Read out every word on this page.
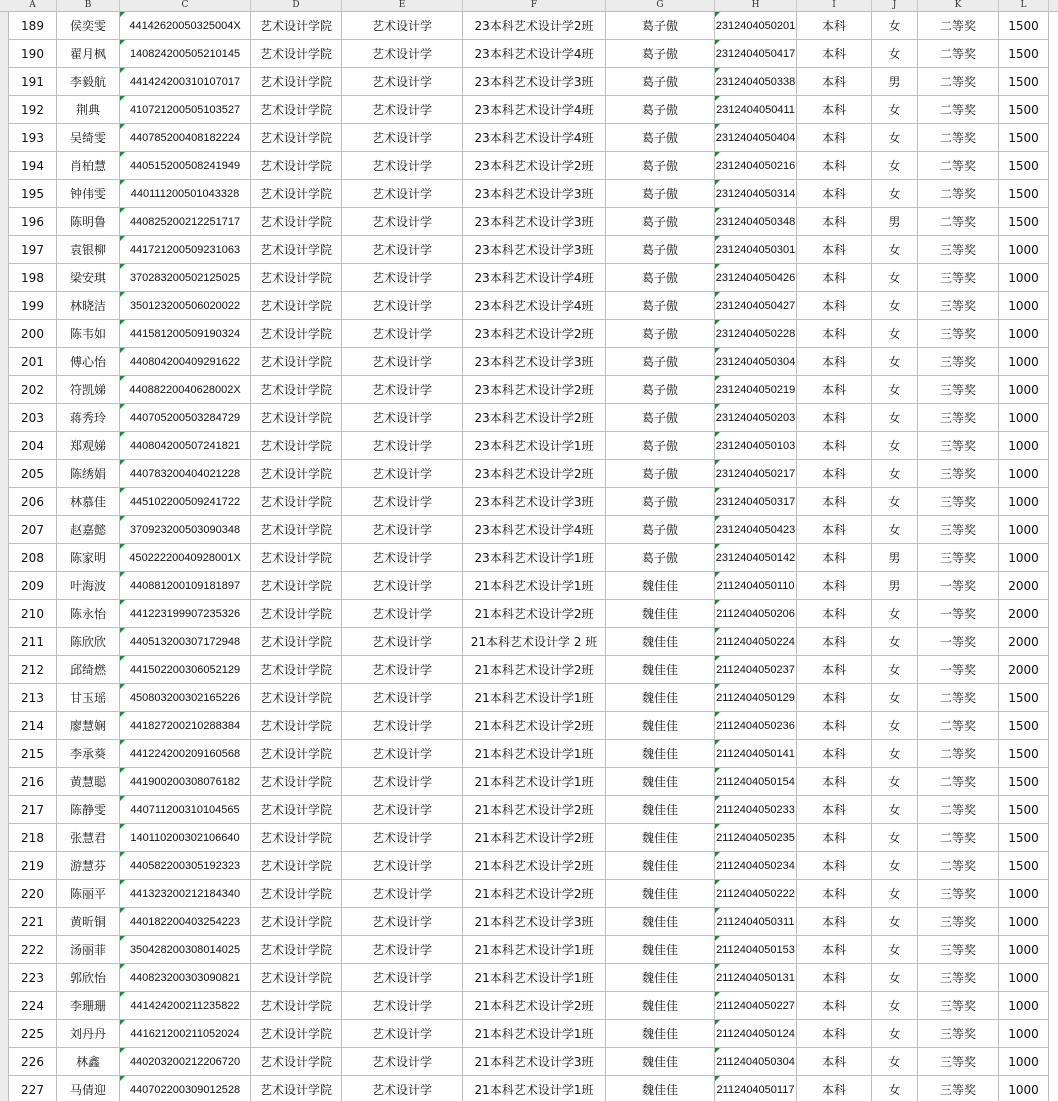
A	B	C	D	E	F	G	H	I	J	K	L
189	侯奕雯	44142620050325004X	艺术设计学院	艺术设计学	23本科艺术设计学2班	葛子傲	2312404050201	本科	女	二等奖	1500
190	翟月枫	140824200505210145	艺术设计学院	艺术设计学	23本科艺术设计学4班	葛子傲	2312404050417	本科	女	二等奖	1500
191	李毅航	441424200310107017	艺术设计学院	艺术设计学	23本科艺术设计学3班	葛子傲	2312404050338	本科	男	二等奖	1500
192	荆典	410721200505103527	艺术设计学院	艺术设计学	23本科艺术设计学4班	葛子傲	2312404050411	本科	女	二等奖	1500
193	吴绮雯	440785200408182224	艺术设计学院	艺术设计学	23本科艺术设计学4班	葛子傲	2312404050404	本科	女	二等奖	1500
194	肖柏慧	440515200508241949	艺术设计学院	艺术设计学	23本科艺术设计学2班	葛子傲	2312404050216	本科	女	二等奖	1500
195	钟伟雯	440111200501043328	艺术设计学院	艺术设计学	23本科艺术设计学3班	葛子傲	2312404050314	本科	女	二等奖	1500
196	陈明鲁	440825200212251717	艺术设计学院	艺术设计学	23本科艺术设计学3班	葛子傲	2312404050348	本科	男	二等奖	1500
197	袁银柳	441721200509231063	艺术设计学院	艺术设计学	23本科艺术设计学3班	葛子傲	2312404050301	本科	女	三等奖	1000
198	梁安琪	370283200502125025	艺术设计学院	艺术设计学	23本科艺术设计学4班	葛子傲	2312404050426	本科	女	三等奖	1000
199	林晓洁	350123200506020022	艺术设计学院	艺术设计学	23本科艺术设计学4班	葛子傲	2312404050427	本科	女	三等奖	1000
200	陈韦如	441581200509190324	艺术设计学院	艺术设计学	23本科艺术设计学2班	葛子傲	2312404050228	本科	女	三等奖	1000
201	傅心怡	440804200409291622	艺术设计学院	艺术设计学	23本科艺术设计学3班	葛子傲	2312404050304	本科	女	三等奖	1000
202	符凯娣	44088220040628002X	艺术设计学院	艺术设计学	23本科艺术设计学2班	葛子傲	2312404050219	本科	女	三等奖	1000
203	蒋秀玲	440705200503284729	艺术设计学院	艺术设计学	23本科艺术设计学2班	葛子傲	2312404050203	本科	女	三等奖	1000
204	郑观娣	440804200507241821	艺术设计学院	艺术设计学	23本科艺术设计学1班	葛子傲	2312404050103	本科	女	三等奖	1000
205	陈绣娟	440783200404021228	艺术设计学院	艺术设计学	23本科艺术设计学2班	葛子傲	2312404050217	本科	女	三等奖	1000
206	林慕佳	445102200509241722	艺术设计学院	艺术设计学	23本科艺术设计学3班	葛子傲	2312404050317	本科	女	三等奖	1000
207	赵嘉懿	370923200503090348	艺术设计学院	艺术设计学	23本科艺术设计学4班	葛子傲	2312404050423	本科	女	三等奖	1000
208	陈家明	45022220040928001X	艺术设计学院	艺术设计学	23本科艺术设计学1班	葛子傲	2312404050142	本科	男	三等奖	1000
209	叶海波	440881200109181897	艺术设计学院	艺术设计学	21本科艺术设计学1班	魏佳佳	2112404050110	本科	男	一等奖	2000
210	陈永怡	441223199907235326	艺术设计学院	艺术设计学	21本科艺术设计学2班	魏佳佳	2112404050206	本科	女	一等奖	2000
211	陈欣欣	440513200307172948	艺术设计学院	艺术设计学	21本科艺术设计学 2 班	魏佳佳	2112404050224	本科	女	一等奖	2000
212	邱绮燃	441502200306052129	艺术设计学院	艺术设计学	21本科艺术设计学2班	魏佳佳	2112404050237	本科	女	一等奖	2000
213	甘玉瑶	450803200302165226	艺术设计学院	艺术设计学	21本科艺术设计学1班	魏佳佳	2112404050129	本科	女	二等奖	1500
214	廖慧娴	441827200210288384	艺术设计学院	艺术设计学	21本科艺术设计学2班	魏佳佳	2112404050236	本科	女	二等奖	1500
215	李承葵	441224200209160568	艺术设计学院	艺术设计学	21本科艺术设计学1班	魏佳佳	2112404050141	本科	女	二等奖	1500
216	黄慧聪	441900200308076182	艺术设计学院	艺术设计学	21本科艺术设计学1班	魏佳佳	2112404050154	本科	女	二等奖	1500
217	陈静雯	440711200310104565	艺术设计学院	艺术设计学	21本科艺术设计学2班	魏佳佳	2112404050233	本科	女	二等奖	1500
218	张慧君	140110200302106640	艺术设计学院	艺术设计学	21本科艺术设计学2班	魏佳佳	2112404050235	本科	女	二等奖	1500
219	游慧芬	440582200305192323	艺术设计学院	艺术设计学	21本科艺术设计学2班	魏佳佳	2112404050234	本科	女	二等奖	1500
220	陈丽平	441323200212184340	艺术设计学院	艺术设计学	21本科艺术设计学2班	魏佳佳	2112404050222	本科	女	三等奖	1000
221	黄昕铜	440182200403254223	艺术设计学院	艺术设计学	21本科艺术设计学3班	魏佳佳	2112404050311	本科	女	三等奖	1000
222	汤丽菲	350428200308014025	艺术设计学院	艺术设计学	21本科艺术设计学1班	魏佳佳	2112404050153	本科	女	三等奖	1000
223	郭欣怡	440823200303090821	艺术设计学院	艺术设计学	21本科艺术设计学1班	魏佳佳	2112404050131	本科	女	三等奖	1000
224	李珊珊	441424200211235822	艺术设计学院	艺术设计学	21本科艺术设计学2班	魏佳佳	2112404050227	本科	女	三等奖	1000
225	刘丹丹	441621200211052024	艺术设计学院	艺术设计学	21本科艺术设计学1班	魏佳佳	2112404050124	本科	女	三等奖	1000
226	林鑫	440203200212206720	艺术设计学院	艺术设计学	21本科艺术设计学3班	魏佳佳	2112404050304	本科	女	三等奖	1000
227	马倩迎	440702200309012528	艺术设计学院	艺术设计学	21本科艺术设计学1班	魏佳佳	2112404050117	本科	女	三等奖	1000
